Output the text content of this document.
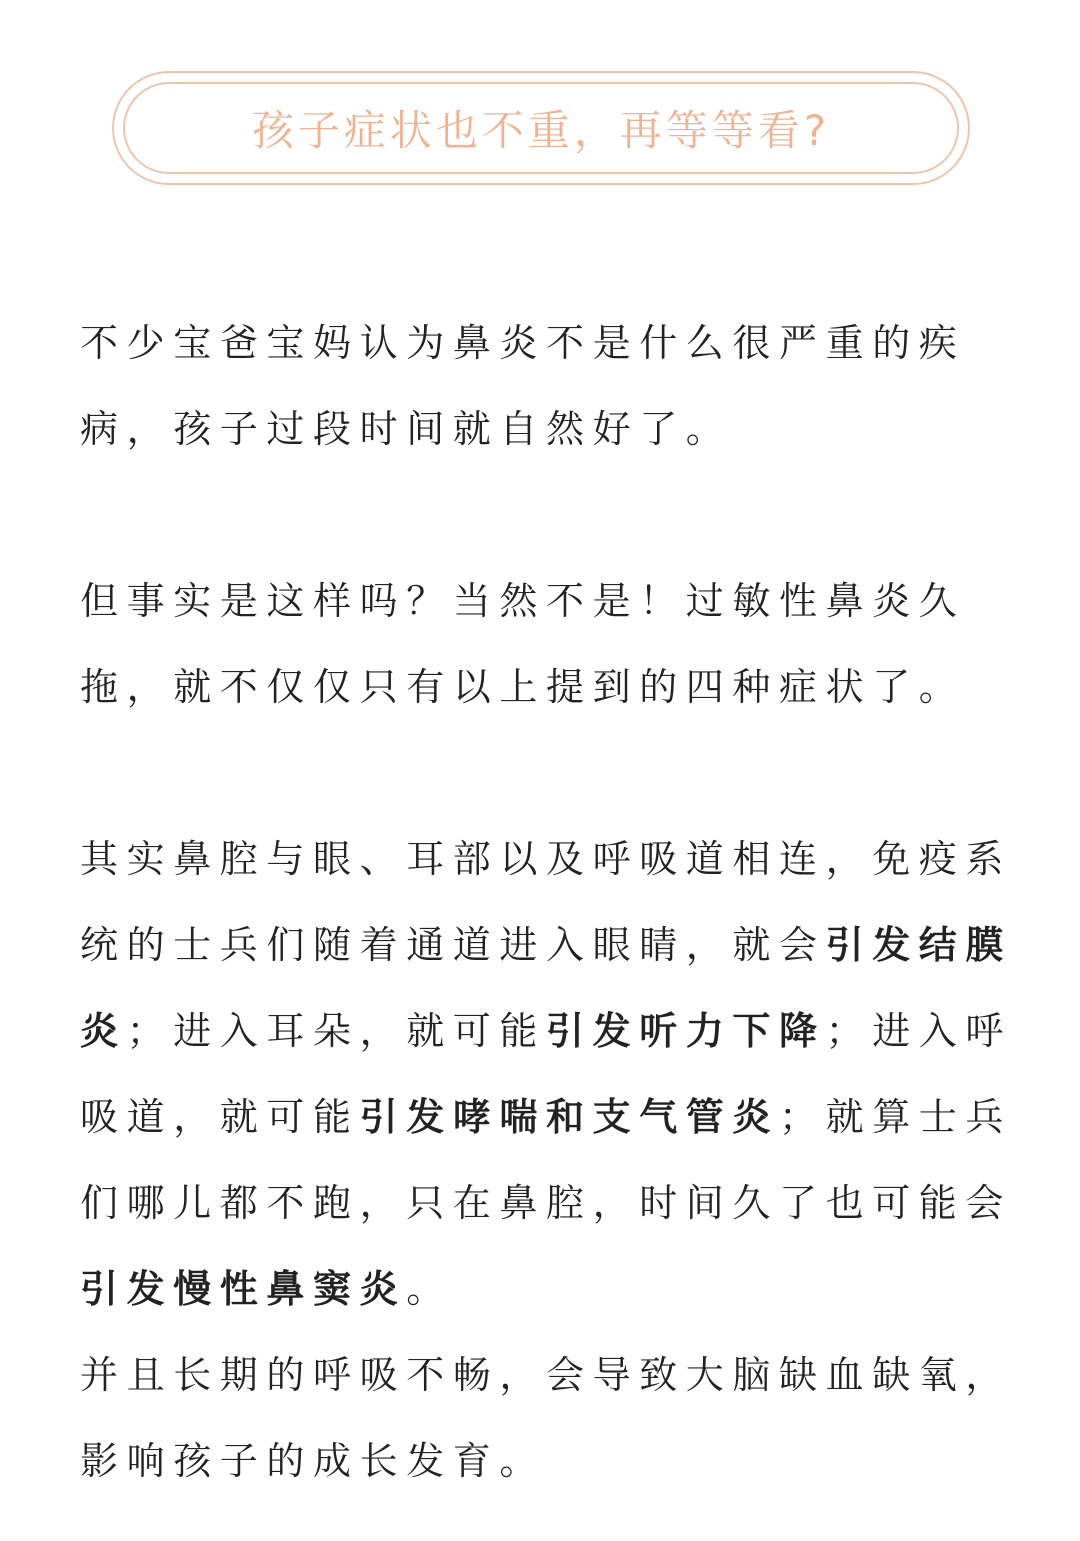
孩子症状也不重，再等等看?

不少宝爸宝妈认为鼻炎不是什么很严重的疾
病，孩子过段时间就自然好了。

但事实是这样吗？当然不是！过敏性鼻炎久
拖，就不仅仅只有以上提到的四种症状了。

其实鼻腔与眼、耳部以及呼吸道相连，免疫系
统的士兵们随着通道进入眼睛，就会引发结膜
炎；进入耳朵，就可能引发听力下降；进入呼
吸道，就可能引发哮喘和支气管炎；就算士兵
们哪儿都不跑，只在鼻腔，时间久了也可能会
引发慢性鼻窦炎。

并且长期的呼吸不畅，会导致大脑缺血缺氧，
影响孩子的成长发育。
